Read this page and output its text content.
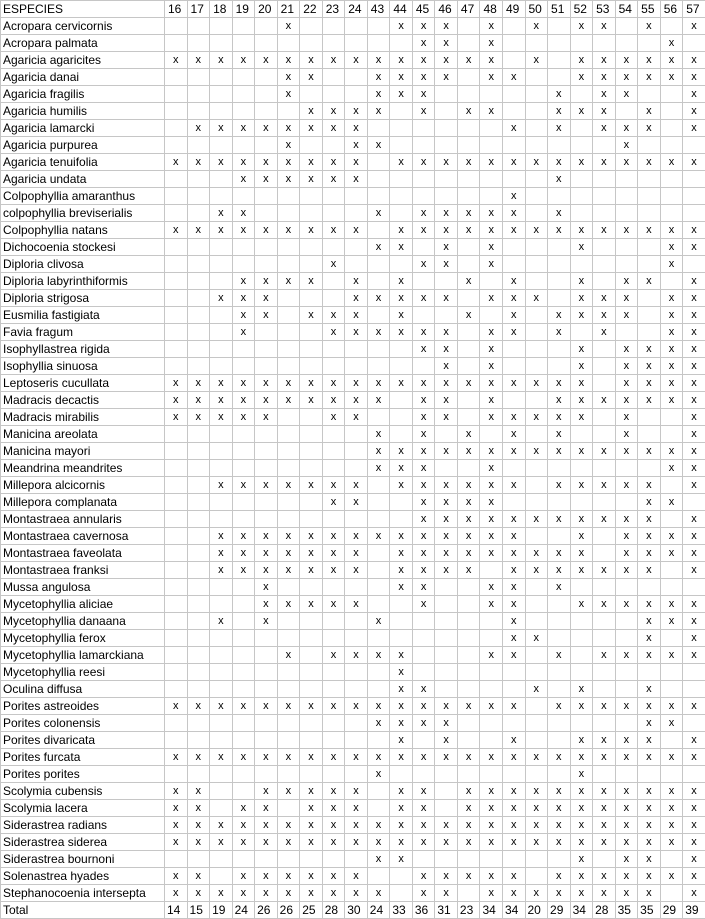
ESPECIES	16	17	18	19	20	21	22	23	24	43	44	45	46	47	48	49	50	51	52	53	54	55	56	57
Acropara cervicornis						x					x	x	x		x		x		x	x		x		x
Acropara palmata												x	x		x								x	
Agaricia agaricites	x	x	x	x	x	x	x	x	x	x	x	x	x	x	x		x		x	x	x	x	x	x
Agaricia danai						x	x			x	x	x	x		x	x			x	x	x	x	x	x
Agaricia fragilis						x				x	x	x						x		x	x			x
Agaricia humilis							x	x	x	x		x		x	x			x	x	x		x		x
Agaricia lamarcki		x	x	x	x	x	x	x	x							x		x		x	x	x		x
Agaricia purpurea						x			x	x											x			
Agaricia tenuifolia	x	x	x	x	x	x	x	x	x		x	x	x	x	x	x	x	x	x	x	x	x	x	x
Agaricia undata				x	x	x	x	x	x									x						
Colpophyllia amaranthus																x								
colpophyllia breviserialis			x	x						x		x	x	x	x	x		x						
Colpophyllia natans	x	x	x	x	x	x	x	x	x		x	x	x	x	x	x	x	x	x	x	x	x	x	x
Dichocoenia stockesi										x	x		x		x				x				x	x
Diploria clivosa								x				x	x		x								x	
Diploria labyrinthiformis				x	x	x	x		x		x			x		x			x		x	x		x
Diploria strigosa			x	x	x				x	x	x	x	x		x	x	x		x	x	x		x	x
Eusmilia fastigiata				x	x		x	x	x		x			x		x		x	x	x	x		x	x
Favia fragum				x				x	x	x	x	x	x		x	x		x		x			x	x
Isophyllastrea rigida												x	x		x				x		x	x	x	x
Isophyllia sinuosa													x		x				x		x	x	x	x
Leptoseris cucullata	x	x	x	x	x	x	x	x	x	x	x	x	x	x	x	x	x	x	x		x	x	x	x
Madracis decactis	x	x	x	x	x	x	x	x	x	x		x	x		x			x	x	x	x	x	x	x
Madracis mirabilis	x	x	x	x	x			x	x			x	x		x	x	x	x	x		x			x
Manicina areolata										x		x		x		x		x			x			x
Manicina mayori										x	x	x	x	x	x	x	x	x	x	x	x	x	x	x
Meandrina meandrites										x	x	x			x								x	x
Millepora alcicornis			x	x	x	x	x	x	x		x	x	x	x	x	x		x	x	x	x	x		x
Millepora complanata								x	x			x	x	x	x							x	x	
Montastraea annularis												x	x	x	x	x	x	x	x	x	x	x		x
Montastraea cavernosa			x	x	x	x	x	x	x	x	x	x	x	x	x	x			x		x	x	x	x
Montastraea faveolata			x	x	x	x	x	x	x		x	x	x	x	x	x	x	x	x		x	x	x	x
Montastraea franksi			x	x	x	x	x	x	x		x	x	x	x		x	x	x	x	x	x	x		x
Mussa angulosa					x						x	x			x	x		x						
Mycetophyllia aliciae					x	x	x	x	x			x			x	x			x	x	x	x	x	x
Mycetophyllia danaana			x		x					x						x						x	x	x
Mycetophyllia ferox																x	x					x		x
Mycetophyllia lamarckiana						x		x	x	x	x				x	x		x		x	x	x	x	x
Mycetophyllia reesi											x													
Oculina diffusa											x	x					x		x			x		
Porites astreoides	x	x	x	x	x	x	x	x	x	x	x	x	x	x	x	x		x	x	x	x	x	x	x
Porites colonensis										x	x	x	x									x	x	
Porites divaricata											x		x			x			x	x	x	x		x
Porites furcata	x	x	x	x	x	x	x	x	x	x	x	x	x	x	x	x	x	x	x	x	x	x	x	x
Porites porites										x									x					
Scolymia cubensis	x	x			x	x	x	x	x		x	x		x	x	x	x	x	x	x	x	x	x	x
Scolymia lacera	x	x		x	x		x	x	x		x	x		x	x	x	x	x	x	x	x	x	x	x
Siderastrea radians	x	x	x	x	x	x	x	x	x	x	x	x	x	x	x	x	x	x	x	x	x	x	x	x
Siderastrea siderea	x	x	x	x	x	x	x	x	x	x	x	x	x	x	x	x	x	x	x	x	x	x	x	x
Siderastrea bournoni										x	x								x		x	x		x
Solenastrea hyades	x	x		x	x	x	x	x	x			x	x	x	x	x		x	x	x	x	x	x	x
Stephanocoenia intersepta	x	x	x	x	x	x	x	x	x	x		x	x		x	x	x	x	x	x	x	x		x
Total	14	15	19	24	26	26	25	28	30	24	33	36	31	23	34	34	20	29	34	28	35	35	29	39
